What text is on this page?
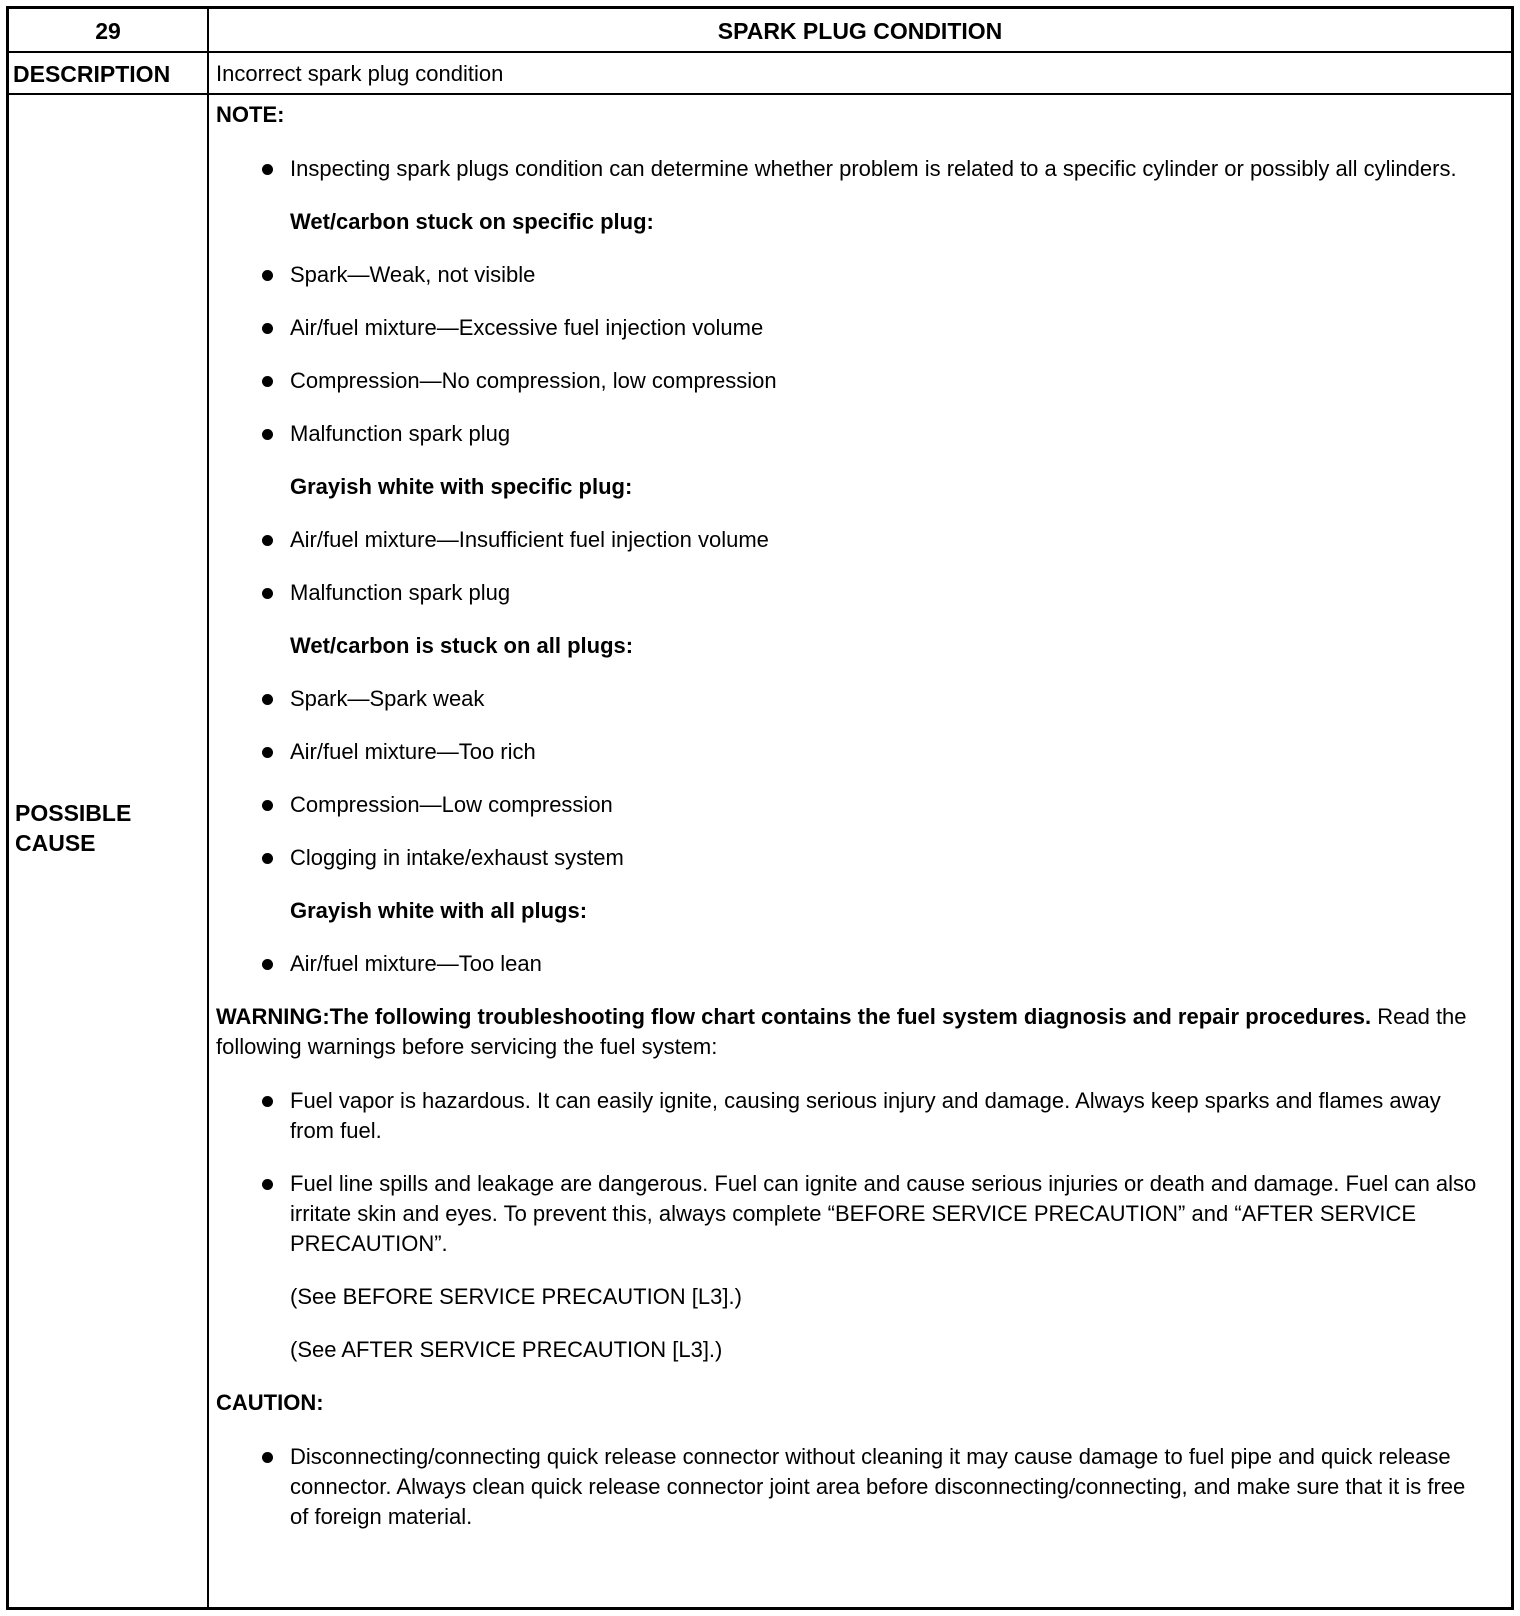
29	SPARK PLUG CONDITION
DESCRIPTION Incorrect spark plug condition
POSSIBLE
CAUSE
NOTE:
Inspecting spark plugs condition can determine whether problem is related to a specific cylinder or possibly all cylinders.
Wet/carbon stuck on specific plug:
Spark—Weak, not visible
Air/fuel mixture—Excessive fuel injection volume
Compression—No compression, low compression
Malfunction spark plug
Grayish white with specific plug:
Air/fuel mixture—Insufficient fuel injection volume
Malfunction spark plug
Wet/carbon is stuck on all plugs:
Spark—Spark weak
Air/fuel mixture—Too rich
Compression—Low compression
Clogging in intake/exhaust system
Grayish white with all plugs:
Air/fuel mixture—Too lean
WARNING:The following troubleshooting flow chart contains the fuel system diagnosis and repair procedures. Read the following warnings before servicing the fuel system:
Fuel vapor is hazardous. It can easily ignite, causing serious injury and damage. Always keep sparks and flames away from fuel.
Fuel line spills and leakage are dangerous. Fuel can ignite and cause serious injuries or death and damage. Fuel can also irritate skin and eyes. To prevent this, always complete “BEFORE SERVICE PRECAUTION” and “AFTER SERVICE PRECAUTION”.
(See BEFORE SERVICE PRECAUTION [L3].)
(See AFTER SERVICE PRECAUTION [L3].)
CAUTION:
Disconnecting/connecting quick release connector without cleaning it may cause damage to fuel pipe and quick release connector. Always clean quick release connector joint area before disconnecting/connecting, and make sure that it is free of foreign material.
